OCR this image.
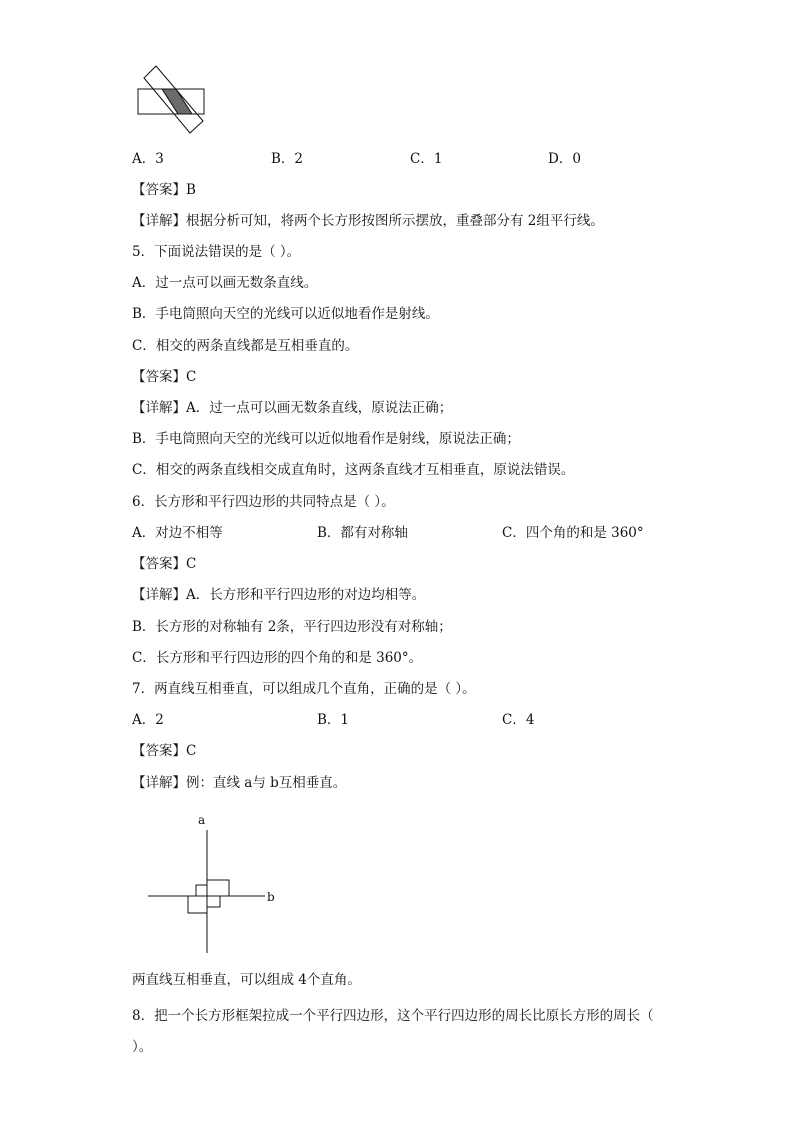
A．3	B．2	C．1	D．0
【答案】B
【详解】根据分析可知，将两个长方形按图所示摆放，重叠部分有 2组平行线。
5．下面说法错误的是（ ）。
A．过一点可以画无数条直线。
B．手电筒照向天空的光线可以近似地看作是射线。
C．相交的两条直线都是互相垂直的。
【答案】C
【详解】A．过一点可以画无数条直线，原说法正确；
B．手电筒照向天空的光线可以近似地看作是射线，原说法正确；
C．相交的两条直线相交成直角时，这两条直线才互相垂直，原说法错误。
6．长方形和平行四边形的共同特点是（ ）。
A．对边不相等	B．都有对称轴	C．四个角的和是 360°
【答案】C
【详解】A．长方形和平行四边形的对边均相等。
B．长方形的对称轴有 2条，平行四边形没有对称轴；
C．长方形和平行四边形的四个角的和是 360°。
7．两直线互相垂直，可以组成几个直角，正确的是（ ）。
A．2	B．1	C．4
【答案】C
【详解】例：直线 a与 b互相垂直。
a
b
两直线互相垂直，可以组成 4个直角。
8．把一个长方形框架拉成一个平行四边形，这个平行四边形的周长比原长方形的周长（ ）。
